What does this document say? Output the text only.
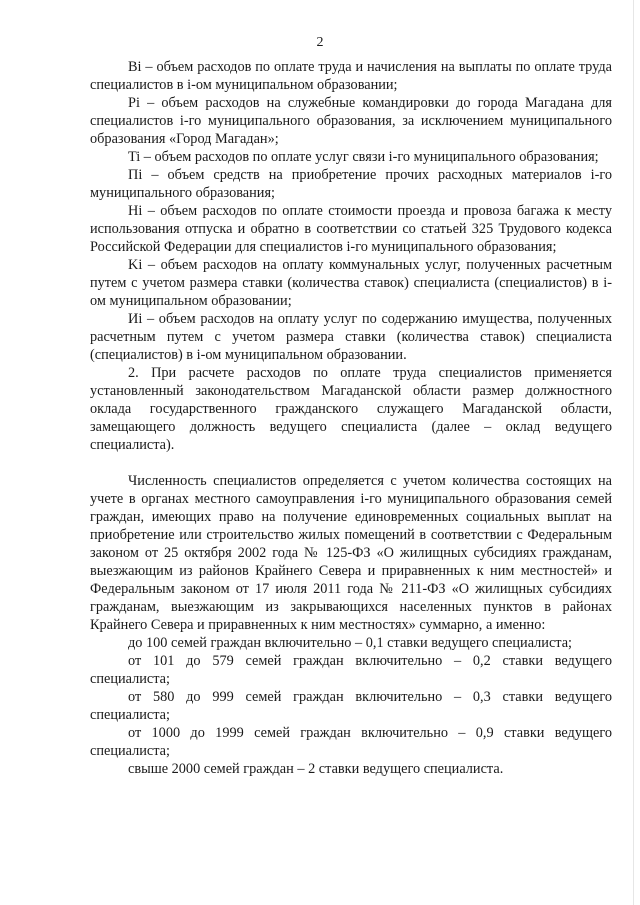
2

Bi – объем расходов по оплате труда и начисления на выплаты по оплате труда специалистов в i-ом муниципальном образовании;

Pi – объем расходов на служебные командировки до города Магадана для специалистов i-го муниципального образования, за исключением муниципального образования «Город Магадан»;

Ti – объем расходов по оплате услуг связи i-го муниципального образования;

Пi – объем средств на приобретение прочих расходных материалов i-го муниципального образования;

Hi – объем расходов по оплате стоимости проезда и провоза багажа к месту использования отпуска и обратно в соответствии со статьей 325 Трудового кодекса Российской Федерации для специалистов i-го муниципального образования;

Ki – объем расходов на оплату коммунальных услуг, полученных расчетным путем с учетом размера ставки (количества ставок) специалиста (специалистов) в i-ом муниципальном образовании;

Иi – объем расходов на оплату услуг по содержанию имущества, полученных расчетным путем с учетом размера ставки (количества ставок) специалиста (специалистов) в i-ом муниципальном образовании.

2. При расчете расходов по оплате труда специалистов применяется установленный законодательством Магаданской области размер должностного оклада государственного гражданского служащего Магаданской области, замещающего должность ведущего специалиста (далее – оклад ведущего специалиста).

Численность специалистов определяется с учетом количества состоящих на учете в органах местного самоуправления i-го муниципального образования семей граждан, имеющих право на получение единовременных социальных выплат на приобретение или строительство жилых помещений в соответствии с Федеральным законом от 25 октября 2002 года № 125-ФЗ «О жилищных субсидиях гражданам, выезжающим из районов Крайнего Севера и приравненных к ним местностей» и Федеральным законом от 17 июля 2011 года № 211-ФЗ «О жилищных субсидиях гражданам, выезжающим из закрывающихся населенных пунктов в районах Крайнего Севера и приравненных к ним местностях» суммарно, а именно:

до 100 семей граждан включительно – 0,1 ставки ведущего специалиста;

от 101 до 579 семей граждан включительно – 0,2 ставки ведущего специалиста;

от 580 до 999 семей граждан включительно – 0,3 ставки ведущего специалиста;

от 1000 до 1999 семей граждан включительно – 0,9 ставки ведущего специалиста;

свыше 2000 семей граждан – 2 ставки ведущего специалиста.
